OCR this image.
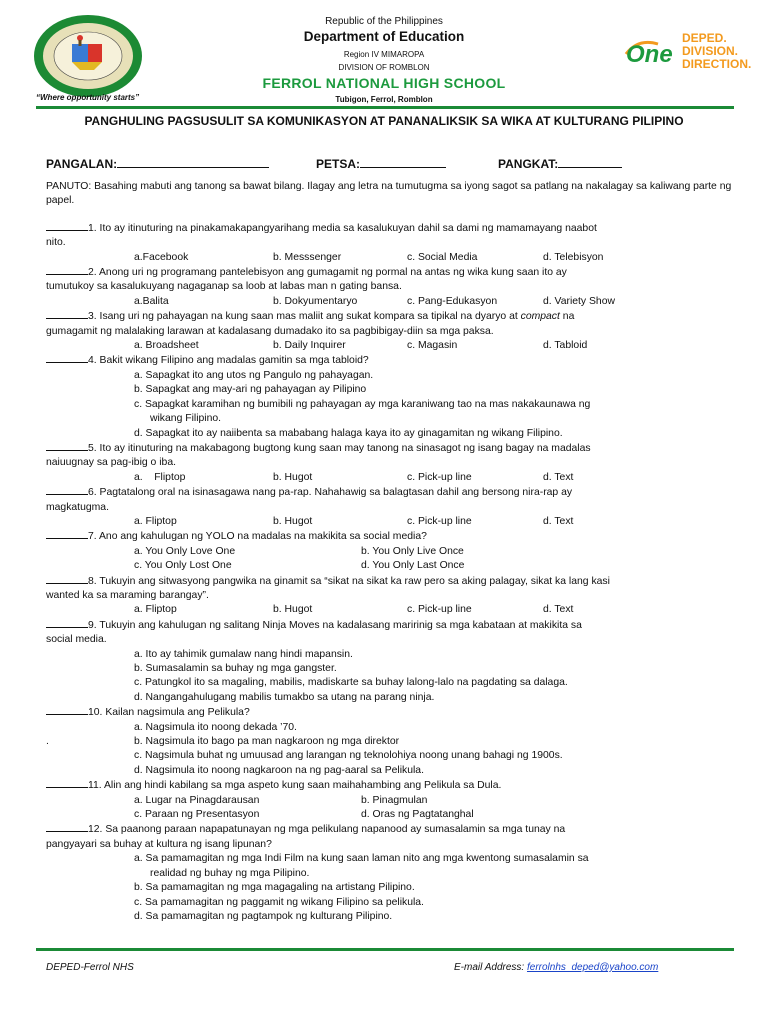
“Where opportunity starts”
Republic of the Philippines
Department of Education
Region IV MIMAROPA
DIVISION OF ROMBLON
FERROL NATIONAL HIGH SCHOOL
Tubigon, Ferrol, Romblon
One
DEPED.
DIVISION.
DIRECTION.
PANGHULING PAGSUSULIT SA KOMUNIKASYON AT PANANALIKSIK SA WIKA AT KULTURANG PILIPINO
PANGALAN:	PETSA:	PANGKAT:

PANUTO: Basahing mabuti ang tanong sa bawat bilang. Ilagay ang letra na tumutugma sa iyong sagot sa patlang na nakalagay sa kaliwang parte ng papel.

1. Ito ay itinuturing na pinakamakapangyarihang media sa kasalukuyan dahil sa dami ng mamamayang naabot

nito.

a.Facebook	b. Messsenger	c. Social Media	d. Telebisyon

2. Anong uri ng programang pantelebisyon ang gumagamit ng pormal na antas ng wika kung saan ito ay

tumutukoy sa kasalukuyang nagaganap sa loob at labas man n gating bansa.

a.Balita	b. Dokyumentaryo	c. Pang-Edukasyon	d. Variety Show

3. Isang uri ng pahayagan na kung saan mas maliit ang sukat kompara sa tipikal na dyaryo at compact na

gumagamit ng malalaking larawan at kadalasang dumadako ito sa pagbibigay-diin sa mga paksa.

a. Broadsheet	b. Daily Inquirer	c. Magasin	d. Tabloid

4. Bakit wikang Filipino ang madalas gamitin sa mga tabloid?

a. Sapagkat ito ang utos ng Pangulo ng pahayagan.

b. Sapagkat ang may-ari ng pahayagan ay Pilipino

c. Sapagkat karamihan ng bumibili ng pahayagan ay mga karaniwang tao na mas nakakaunawa ng

wikang Filipino.

d. Sapagkat ito ay naiibenta sa mababang halaga kaya ito ay ginagamitan ng wikang Filipino.

5. Ito ay itinuturing na makabagong bugtong kung saan may tanong na sinasagot ng isang bagay na madalas

naiuugnay sa pag-ibig o iba.

a.    Fliptop	b. Hugot	c. Pick-up line	d. Text

6. Pagtatalong oral na isinasagawa nang pa-rap. Nahahawig sa balagtasan dahil ang bersong nira-rap ay

magkatugma.

a. Fliptop	b. Hugot	c. Pick-up line	d. Text

7. Ano ang kahulugan ng YOLO na madalas na makikita sa social media?

a. You Only Love One	b. You Only Live Once
c. You Only Lost One	d. You Only Last Once

8. Tukuyin ang sitwasyong pangwika na ginamit sa “sikat na sikat ka raw pero sa aking palagay, sikat ka lang kasi

wanted ka sa maraming barangay”.

a. Fliptop	b. Hugot	c. Pick-up line	d. Text

9. Tukuyin ang kahulugan ng salitang Ninja Moves na kadalasang maririnig sa mga kabataan at makikita sa

social media.

a. Ito ay tahimik gumalaw nang hindi mapansin.

b. Sumasalamin sa buhay ng mga gangster.

c. Patungkol ito sa magaling, mabilis, madiskarte sa buhay lalong-lalo na pagdating sa dalaga.

d. Nangangahulugang mabilis tumakbo sa utang na parang ninja.

10. Kailan nagsimula ang Pelikula?

a. Nagsimula ito noong dekada ’70.

.	b. Nagsimula ito bago pa man nagkaroon ng mga direktor

c. Nagsimula buhat ng umuusad ang larangan ng teknolohiya noong unang bahagi ng 1900s.

d. Nagsimula ito noong nagkaroon na ng pag-aaral sa Pelikula.

11. Alin ang hindi kabilang sa mga aspeto kung saan maihahambing ang Pelikula sa Dula.

a. Lugar na Pinagdarausan	b. Pinagmulan
c. Paraan ng Presentasyon	d. Oras ng Pagtatanghal

12. Sa paanong paraan napapatunayan ng mga pelikulang napanood ay sumasalamin sa mga tunay na

pangyayari sa buhay at kultura ng isang lipunan?

a. Sa pamamagitan ng mga Indi Film na kung saan laman nito ang mga kwentong sumasalamin sa

realidad ng buhay ng mga Pilipino.

b. Sa pamamagitan ng mga magagaling na artistang Pilipino.

c. Sa pamamagitan ng paggamit ng wikang Filipino sa pelikula.

d. Sa pamamagitan ng pagtampok ng kulturang Pilipino.

DEPED-Ferrol NHS	E-mail Address: ferrolnhs_deped@yahoo.com
